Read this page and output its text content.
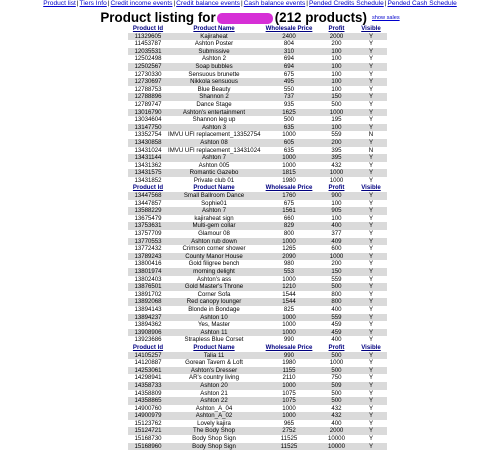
Product list|Tiers Info|Credit income events|Credit balance events|Cash balance events|Pended Credits Schedule|Pended Cash Schedule
Product listing for	(212 products) show sales
Product Id	Product Name	Wholesale Price	Profit	Visible
11329605	Kajiraheat	2400	2000	Y
11453787	Ashton Poster	804	200	Y
12035531	Submissive	310	100	Y
12502498	Ashton 2	694	100	Y
12502567	Soap bubbles	694	100	Y
12730330	Sensuous brunette	675	100	Y
12730697	Nikkola sensuous	495	100	Y
12788753	Blue Beauty	550	100	Y
12788896	Shannon 2	737	150	Y
12789747	Dance Stage	935	500	Y
13016790	Ashton's entertainment	1625	1000	Y
13034604	Shannon leg up	500	195	Y
13147750	Ashton 3	635	100	Y
13352754	IMVU UFI replacement_13352754	1000	559	N
13430858	Ashton 08	605	200	Y
13431024	IMVU UFI replacement_13431024	635	395	N
13431144	Ashton 7	1000	395	Y
13431362	Ashton 005	1000	432	Y
13431575	Romantic Gazebo	1815	1000	Y
13431852	Private club 01	1980	1000	Y
Product Id	Product Name	Wholesale Price	Profit	Visible
13447568	Small Ballroom Dance	1760	900	Y
13447857	Sophie01	675	100	Y
13588229	Ashton 7	1561	905	Y
13675479	kajiraheat sign	660	100	Y
13753631	Multi-gem collar	829	400	Y
13757709	Glamour 08	800	377	Y
13770553	Ashton rub down	1000	409	Y
13772432	Crimson corner shower	1265	600	Y
13789243	County Manor House	2090	1000	Y
13800416	Gold filigree bench	980	200	Y
13801974	morning delight	553	150	Y
13802403	Ashton's ass	1000	559	Y
13876501	Gold Master's Throne	1210	500	Y
13891702	Corner Sofa	1544	800	Y
13892068	Red canopy lounger	1544	800	Y
13894143	Blonde in Bondage	825	400	Y
13894237	Ashton 10	1000	559	Y
13894362	Yes, Master	1000	459	Y
13908906	Ashton 11	1000	459	Y
13923686	Strapless Blue Corset	990	400	Y
Product Id	Product Name	Wholesale Price	Profit	Visible
14105257	Talia 11	990	500	Y
14120887	Gorean Tavern & Loft	1980	1000	Y
14253061	Ashton's Dresser	1155	500	Y
14298941	AR's country living	2110	750	Y
14358733	Ashton 20	1000	509	Y
14358809	Ashton 21	1075	500	Y
14358865	Ashton 22	1075	500	Y
14900760	Ashton_A_04	1000	432	Y
14900979	Ashton_A_02	1000	432	Y
15123762	Lovely kajira	965	400	Y
15124721	The Body Shop	2752	2000	Y
15168730	Body Shop Sign	11525	10000	Y
15168960	Body Shop Sign	11525	10000	Y
